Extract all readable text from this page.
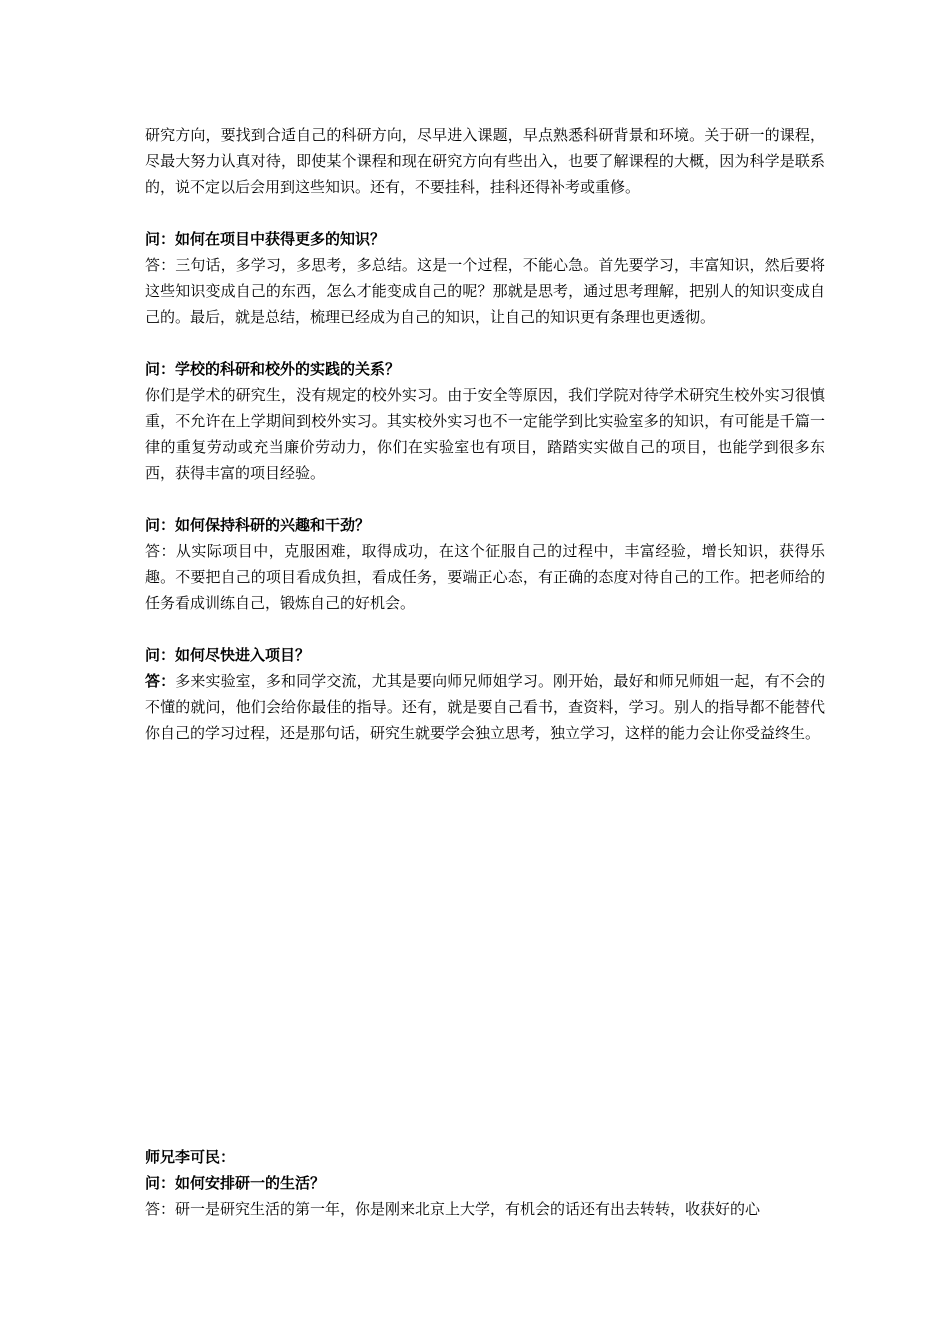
研究方向，要找到合适自己的科研方向，尽早进入课题，早点熟悉科研背景和环境。关于研一的课程，尽最大努力认真对待，即使某个课程和现在研究方向有些出入，也要了解课程的大概，因为科学是联系的，说不定以后会用到这些知识。还有，不要挂科，挂科还得补考或重修。

问：如何在项目中获得更多的知识？

答：三句话，多学习，多思考，多总结。这是一个过程，不能心急。首先要学习，丰富知识，然后要将这些知识变成自己的东西，怎么才能变成自己的呢？那就是思考，通过思考理解，把别人的知识变成自己的。最后，就是总结，梳理已经成为自己的知识，让自己的知识更有条理也更透彻。

问：学校的科研和校外的实践的关系？

你们是学术的研究生，没有规定的校外实习。由于安全等原因，我们学院对待学术研究生校外实习很慎重，不允许在上学期间到校外实习。其实校外实习也不一定能学到比实验室多的知识，有可能是千篇一律的重复劳动或充当廉价劳动力，你们在实验室也有项目，踏踏实实做自己的项目，也能学到很多东西，获得丰富的项目经验。

问：如何保持科研的兴趣和干劲？

答：从实际项目中，克服困难，取得成功，在这个征服自己的过程中，丰富经验，增长知识，获得乐趣。不要把自己的项目看成负担，看成任务，要端正心态，有正确的态度对待自己的工作。把老师给的任务看成训练自己，锻炼自己的好机会。

问：如何尽快进入项目？

答：多来实验室，多和同学交流，尤其是要向师兄师姐学习。刚开始，最好和师兄师姐一起，有不会的不懂的就问，他们会给你最佳的指导。还有，就是要自己看书，查资料，学习。别人的指导都不能替代你自己的学习过程，还是那句话，研究生就要学会独立思考，独立学习，这样的能力会让你受益终生。

师兄李可民：

问：如何安排研一的生活？

答：研一是研究生活的第一年，你是刚来北京上大学，有机会的话还有出去转转，收获好的心
